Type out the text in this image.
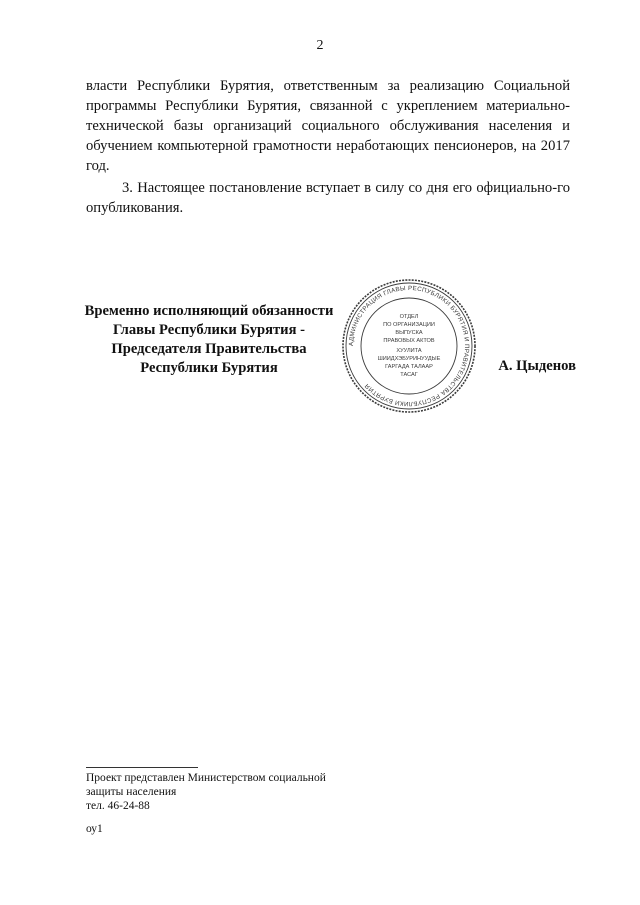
2

власти Республики Бурятия, ответственным за реализацию Социальной программы Республики Бурятия, связанной с укреплением материально-технической базы организаций социального обслуживания населения и обучением компьютерной грамотности неработающих пенсионеров, на 2017 год.

3. Настоящее постановление вступает в силу со дня его официально-го опубликования.

Временно исполняющий обязанности
Главы Республики Бурятия -
Председателя Правительства
Республики Бурятия
АДМИНИСТРАЦИЯ ГЛАВЫ РЕСПУБЛИКИ БУРЯТИЯ И ПРАВИТЕЛЬСТВА РЕСПУБЛИКИ БУРЯТИЯ
ОТДЕЛ
ПО ОРГАНИЗАЦИИ
ВЫПУСКА
ПРАВОВЫХ АКТОВ
ХУУЛИТА
ШИИДХЭБУРИНУУДЫЕ
ГАРГАДА ТАЛААР
ТАСАГ
А. Цыденов
Проект представлен Министерством социальной
защиты населения
тел. 46-24-88
оу1
